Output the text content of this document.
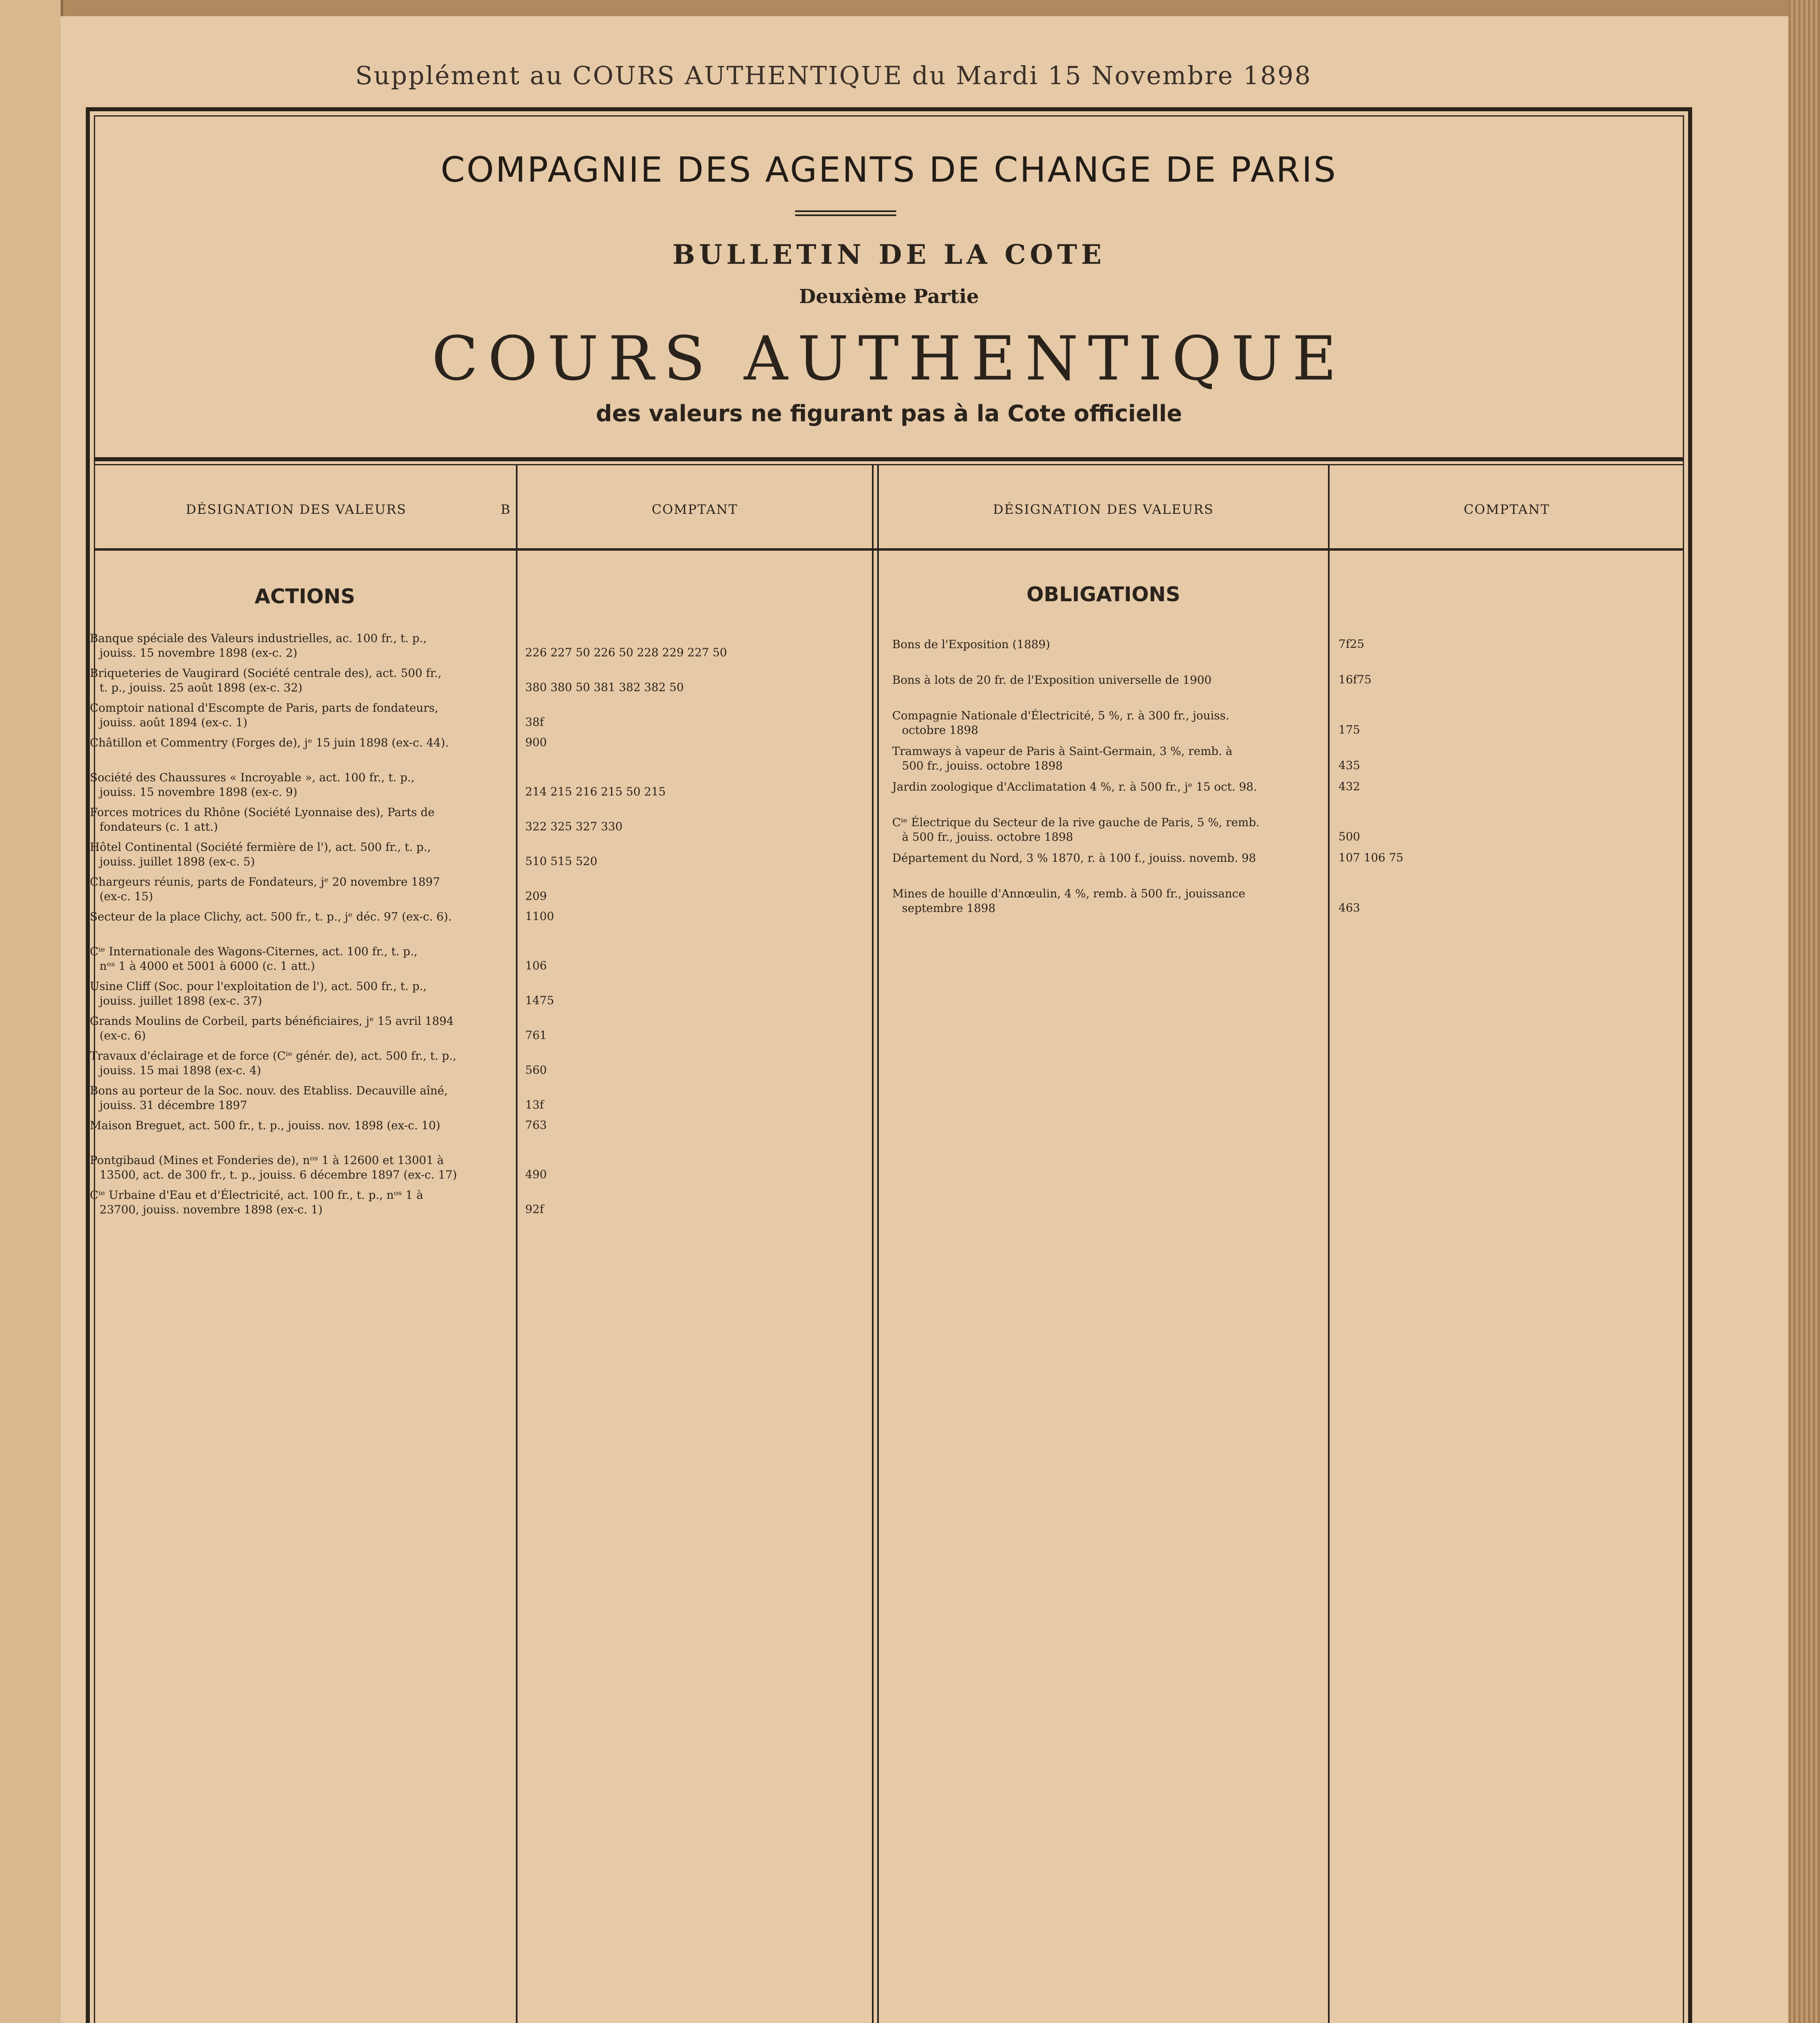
Supplément au COURS AUTHENTIQUE du Mardi 15 Novembre 1898
COMPAGNIE DES AGENTS DE CHANGE DE PARIS
BULLETIN DE LA COTE
Deuxième Partie
COURS AUTHENTIQUE
des valeurs ne figurant pas à la Cote officielle
DÉSIGNATION DES VALEURS	B	COMPTANT	DÉSIGNATION DES VALEURS	COMPTANT
ACTIONS	OBLIGATIONS
Banque spéciale des Valeurs industrielles, ac. 100 fr., t. p.,
jouiss. 15 novembre 1898 (ex-c. 2)	226 227 50 226 50 228 229 227 50
Briqueteries de Vaugirard (Société centrale des), act. 500 fr.,
t. p., jouiss. 25 août 1898 (ex-c. 32)	380 380 50 381 382 382 50
Comptoir national d'Escompte de Paris, parts de fondateurs,
jouiss. août 1894 (ex-c. 1)	38f
Châtillon et Commentry (Forges de), jᵉ 15 juin 1898 (ex-c. 44).	900
Société des Chaussures « Incroyable », act. 100 fr., t. p.,
jouiss. 15 novembre 1898 (ex-c. 9)	214 215 216 215 50 215
Forces motrices du Rhône (Société Lyonnaise des), Parts de
fondateurs (c. 1 att.)	322 325 327 330
Hôtel Continental (Société fermière de l'), act. 500 fr., t. p.,
jouiss. juillet 1898 (ex-c. 5)	510 515 520
Chargeurs réunis, parts de Fondateurs, jᵉ 20 novembre 1897
(ex-c. 15)	209
Secteur de la place Clichy, act. 500 fr., t. p., jᵉ déc. 97 (ex-c. 6).	1100
Cⁱᵉ Internationale des Wagons-Citernes, act. 100 fr., t. p.,
nᵒˢ 1 à 4000 et 5001 à 6000 (c. 1 att.)	106
Usine Cliff (Soc. pour l'exploitation de l'), act. 500 fr., t. p.,
jouiss. juillet 1898 (ex-c. 37)	1475
Grands Moulins de Corbeil, parts bénéficiaires, jᵉ 15 avril 1894
(ex-c. 6)	761
Travaux d'éclairage et de force (Cⁱᵉ génér. de), act. 500 fr., t. p.,
jouiss. 15 mai 1898 (ex-c. 4)	560
Bons au porteur de la Soc. nouv. des Etabliss. Decauville aîné,
jouiss. 31 décembre 1897	13f
Maison Breguet, act. 500 fr., t. p., jouiss. nov. 1898 (ex-c. 10)	763
Pontgibaud (Mines et Fonderies de), nᵒˢ 1 à 12600 et 13001 à
13500, act. de 300 fr., t. p., jouiss. 6 décembre 1897 (ex-c. 17)	490
Cⁱᵉ Urbaine d'Eau et d'Électricité, act. 100 fr., t. p., nᵒˢ 1 à
23700, jouiss. novembre 1898 (ex-c. 1)	92f
Bons de l'Exposition (1889)	7f25
Bons à lots de 20 fr. de l'Exposition universelle de 1900	16f75
Compagnie Nationale d'Électricité, 5 %, r. à 300 fr., jouiss.
octobre 1898	175
Tramways à vapeur de Paris à Saint-Germain, 3 %, remb. à
500 fr., jouiss. octobre 1898	435
Jardin zoologique d'Acclimatation 4 %, r. à 500 fr., jᵉ 15 oct. 98.	432
Cⁱᵉ Électrique du Secteur de la rive gauche de Paris, 5 %, remb.
à 500 fr., jouiss. octobre 1898	500
Département du Nord, 3 % 1870, r. à 100 f., jouiss. novemb. 98	107 106 75
Mines de houille d'Annœulin, 4 %, remb. à 500 fr., jouissance
septembre 1898	463
